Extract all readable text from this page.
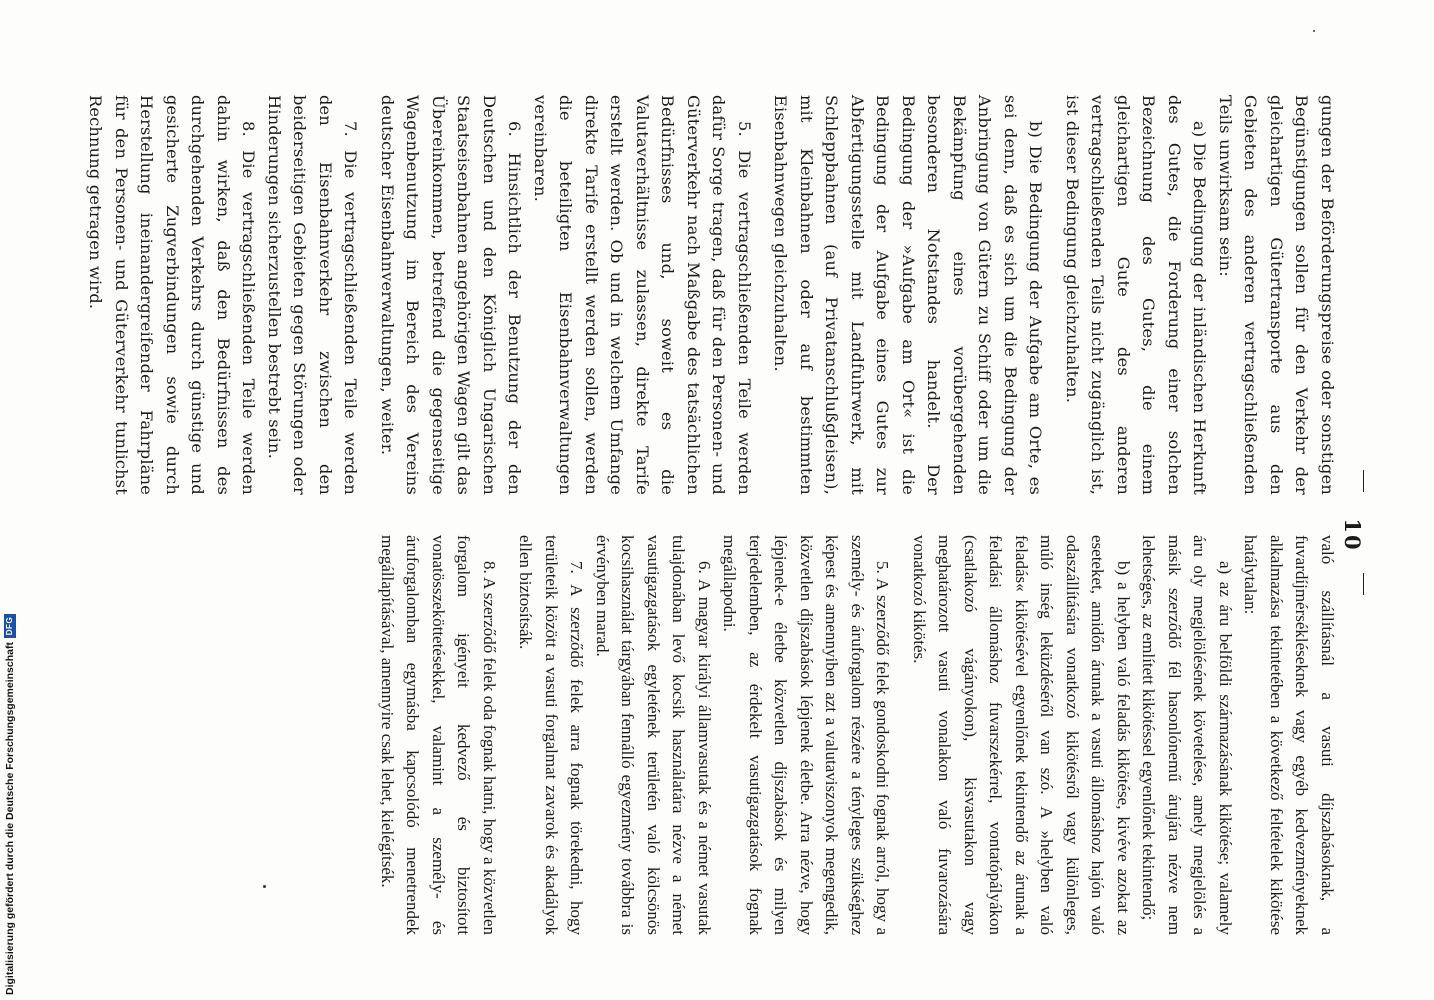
10

gungen der Beförderungspreise oder sonstigen Begünstigungen sollen für den Verkehr der gleichartigen Gütertransporte aus den Gebieten des anderen vertragschließenden Teils unwirksam sein:

a) Die Bedingung der inländischen Herkunft des Gutes, die Forderung einer solchen Bezeichnung des Gutes, die einem gleichartigen Gute des anderen vertragschließenden Teils nicht zugänglich ist, ist dieser Bedingung gleichzuhalten.

b) Die Bedingung der Aufgabe am Orte, es sei denn, daß es sich um die Bedingung der Anbringung von Gütern zu Schiff oder um die Bekämpfung eines vorübergehenden besonderen Notstandes handelt. Der Bedingung der »Aufgabe am Ort« ist die Bedingung der Aufgabe eines Gutes zur Abfertigungsstelle mit Landfuhrwerk, mit Schleppbahnen (auf Privatanschlußgleisen), mit Kleinbahnen oder auf bestimmten Eisenbahnwegen gleichzuhalten.

5. Die vertragschließenden Teile werden dafür Sorge tragen, daß für den Personen- und Güterverkehr nach Maßgabe des tatsächlichen Bedürfnisses und, soweit es die Valutaverhältnisse zulassen, direkte Tarife erstellt werden. Ob und in welchem Umfange direkte Tarife erstellt werden sollen, werden die beteiligten Eisenbahnverwaltungen vereinbaren.

6. Hinsichtlich der Benutzung der den Deutschen und den Königlich Ungarischen Staatseisenbahnen angehörigen Wagen gilt das Übereinkommen, betreffend die gegenseitige Wagenbenutzung im Bereich des Vereins deutscher Eisenbahnverwaltungen, weiter.

7. Die vertragschließenden Teile werden den Eisenbahnverkehr zwischen den beiderseitigen Gebieten gegen Störungen oder Hinderungen sicherzustellen bestrebt sein.

8. Die vertragschließenden Teile werden dahin wirken, daß den Bedürfnissen des durchgehenden Verkehrs durch günstige und gesicherte Zugverbindungen sowie durch Herstellung ineinandergreifender Fahrpläne für den Personen- und Güterverkehr tunlichst Rechnung getragen wird.

való szállításnál a vasuti díjszabásoknak, a fuvardíjmérsékléseknek vagy egyéb kedvezményeknek alkalmazása tekintetében a következő feltételek kikötése hatálytalan:

a) az áru belföldi származásának kikötése; valamely áru oly megjelölésének követelése, amely megjelölés a másik szerződő fél hasonlónemű árujára nézve nem lehetséges, az említett kikötéssel egyenlőnek tekintendő;

b) a helyben való feladás kikötése, kivéve azokat az eseteket, amidőn árunak a vasuti állomáshoz hajón való odaszállítására vonatkozó kikötésről vagy különleges, múló inség leküzdéséről van szó. A »helyben való feladás« kikötésével egyenlőnek tekintendő az árunak a feladási állomáshoz fuvarszekérrel, vontatópályákon (csatlakozó vágányokon), kisvasutakon vagy meghatározott vasuti vonalakon való fuvarozására vonatkozó kikötés.

5. A szerződő felek gondoskodni fognak arról, hogy a személy- és áruforgalom részére a tényleges szükséghez képest és amennyiben azt a valutaviszonyok megengedik, közvetlen díjszabások lépjenek életbe. Arra nézve, hogy lépjenek-e életbe közvetlen díjszabások és milyen terjedelemben, az érdekelt vasutigazgatások fognak megállapodni.

6. A magyar királyi államvasutak és a német vasutak tulajdonában levő kocsik használatára nézve a német vasutigazgatások egyletének területén való kölcsönös kocsihasználat tárgyában fennálló egyezmény továbbra is érvényben marad.

7. A szerződő felek arra fognak törekedni, hogy területeik között a vasuti forgalmat zavarok és akadályok ellen biztosítsák.

8. A szerződő felek oda fognak hatni, hogy a közvetlen forgalom igényeit kedvező és biztosított vonatösszeköttetésekkel, valamint a személy- és áruforgalomban egymásba kapcsolódó menetrendek megállapításával, amennyire csak lehet, kielégítsék.

Digitalisierung gefördert durch die Deutsche Forschungsgemeinschaft
DFG
